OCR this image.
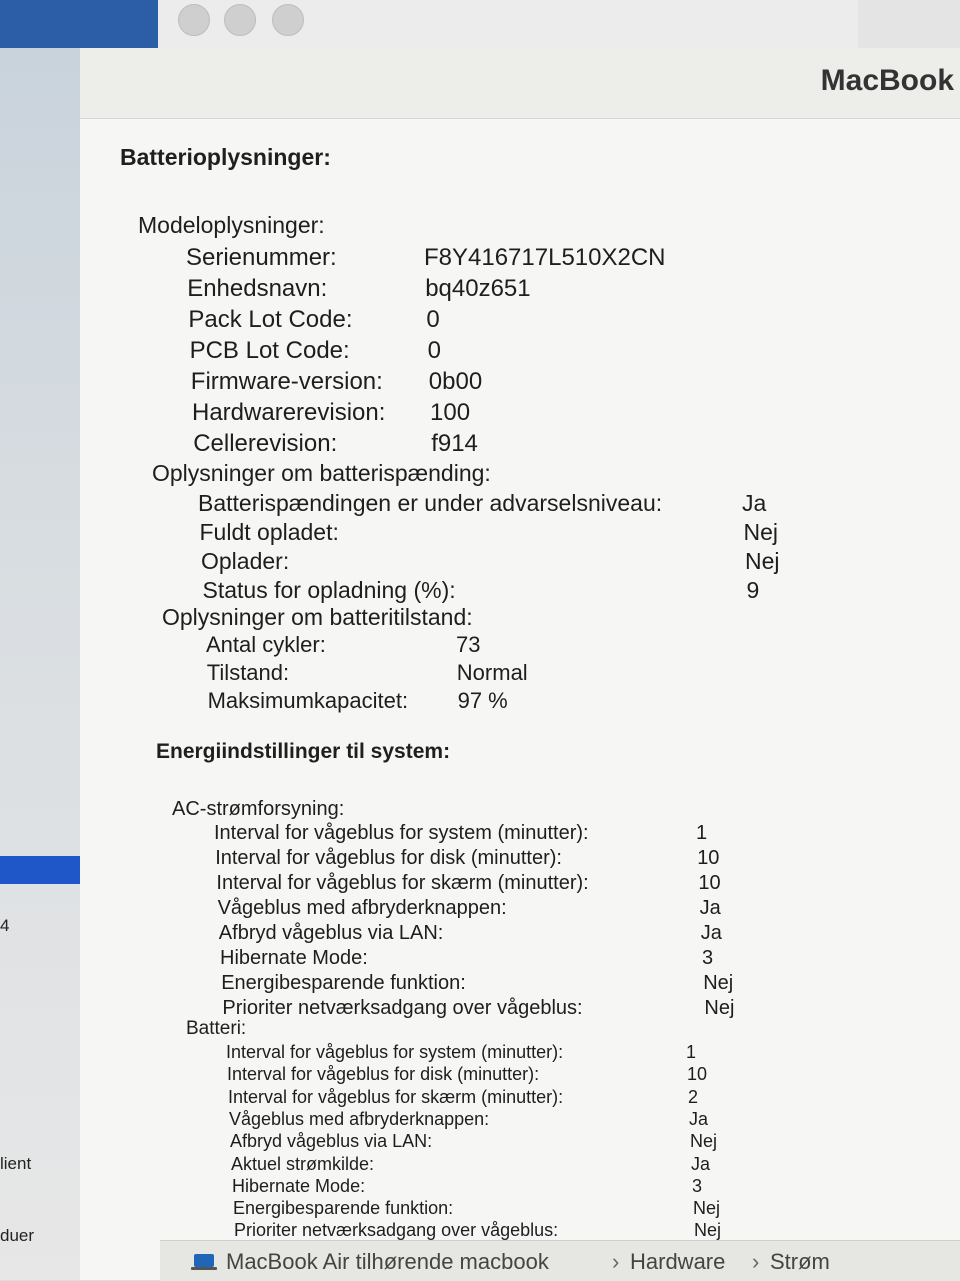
4
lient
duer
MacBook
Batterioplysninger:
Modeloplysninger:
Serienummer:	F8Y416717L510X2CN
Enhedsnavn:	bq40z651
Pack Lot Code:	0
PCB Lot Code:	0
Firmware-version: 0b00
Hardwarerevision: 100
Cellerevision:	f914
Oplysninger om batterispænding:
Batterispændingen er under advarselsniveau:	Ja
Fuldt opladet:	Nej
Oplader:	Nej
Status for opladning (%):	9
Oplysninger om batteritilstand:
Antal cykler:	73
Tilstand:	Normal
Maksimumkapacitet: 97 %
Energiindstillinger til system:
AC-strømforsyning:
Interval for vågeblus for system (minutter):	1
Interval for vågeblus for disk (minutter):	10
Interval for vågeblus for skærm (minutter):	10
Vågeblus med afbryderknappen:	Ja
Afbryd vågeblus via LAN:	Ja
Hibernate Mode:	3
Energibesparende funktion:	Nej
Prioriter netværksadgang over vågeblus:	Nej
Batteri:
Interval for vågeblus for system (minutter):	1
Interval for vågeblus for disk (minutter):	10
Interval for vågeblus for skærm (minutter):	2
Vågeblus med afbryderknappen:	Ja
Afbryd vågeblus via LAN:	Nej
Aktuel strømkilde:	Ja
Hibernate Mode:	3
Energibesparende funktion:	Nej
Prioriter netværksadgang over vågeblus:	Nej
MacBook Air tilhørende macbook	› Hardware › Strøm
